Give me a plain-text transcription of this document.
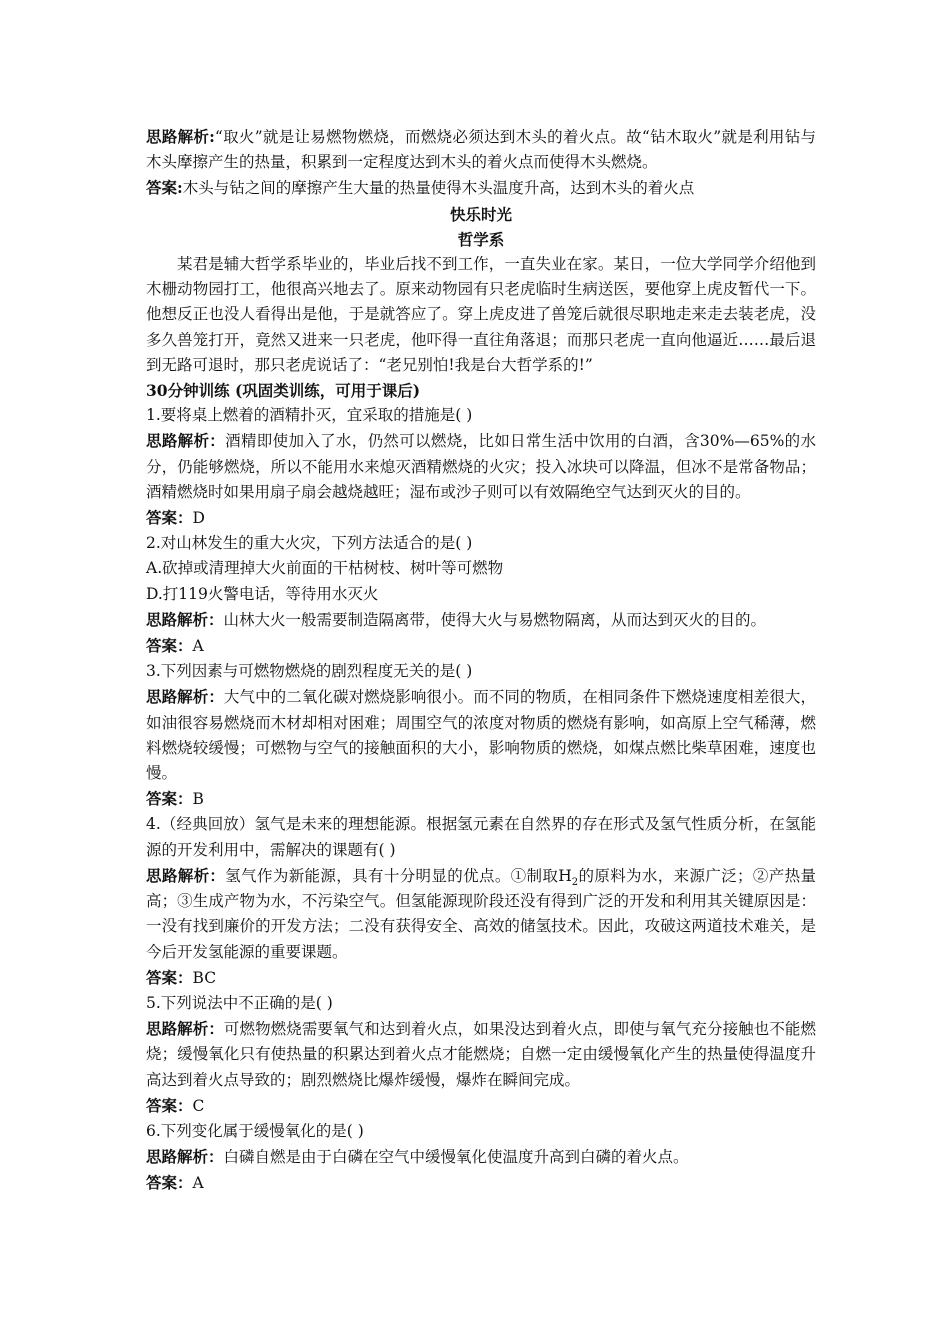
思路解析:“取火”就是让易燃物燃烧，而燃烧必须达到木头的着火点。故“钻木取火”就是利用钻与木头摩擦产生的热量，积累到一定程度达到木头的着火点而使得木头燃烧。
答案:木头与钻之间的摩擦产生大量的热量使得木头温度升高，达到木头的着火点
快乐时光
哲学系
某君是辅大哲学系毕业的，毕业后找不到工作，一直失业在家。某日，一位大学同学介绍他到木栅动物园打工，他很高兴地去了。原来动物园有只老虎临时生病送医，要他穿上虎皮暂代一下。他想反正也没人看得出是他，于是就答应了。穿上虎皮进了兽笼后就很尽职地走来走去装老虎，没多久兽笼打开，竟然又进来一只老虎，他吓得一直往角落退；而那只老虎一直向他逼近……最后退到无路可退时，那只老虎说话了：“老兄别怕!我是台大哲学系的!”
30分钟训练 (巩固类训练，可用于课后)
1.要将桌上燃着的酒精扑灭，宜采取的措施是( )
思路解析：酒精即使加入了水，仍然可以燃烧，比如日常生活中饮用的白酒，含30%—65%的水分，仍能够燃烧，所以不能用水来熄灭酒精燃烧的火灾；投入冰块可以降温，但冰不是常备物品；酒精燃烧时如果用扇子扇会越烧越旺；湿布或沙子则可以有效隔绝空气达到灭火的目的。
答案：D
2.对山林发生的重大火灾，下列方法适合的是( )
A.砍掉或清理掉大火前面的干枯树枝、树叶等可燃物
D.打119火警电话，等待用水灭火
思路解析：山林大火一般需要制造隔离带，使得大火与易燃物隔离，从而达到灭火的目的。
答案：A
3.下列因素与可燃物燃烧的剧烈程度无关的是( )
思路解析：大气中的二氧化碳对燃烧影响很小。而不同的物质，在相同条件下燃烧速度相差很大，如油很容易燃烧而木材却相对困难；周围空气的浓度对物质的燃烧有影响，如高原上空气稀薄，燃料燃烧较缓慢；可燃物与空气的接触面积的大小，影响物质的燃烧，如煤点燃比柴草困难，速度也慢。
答案：B
4.（经典回放）氢气是未来的理想能源。根据氢元素在自然界的存在形式及氢气性质分析，在氢能源的开发利用中，需解决的课题有( )
思路解析：氢气作为新能源，具有十分明显的优点。①制取$H_2$的原料为水，来源广泛；②产热量高；③生成产物为水，不污染空气。但氢能源现阶段还没有得到广泛的开发和利用其关键原因是：一没有找到廉价的开发方法；二没有获得安全、高效的储氢技术。因此，攻破这两道技术难关，是今后开发氢能源的重要课题。
答案：BC
5.下列说法中不正确的是( )
思路解析：可燃物燃烧需要氧气和达到着火点，如果没达到着火点，即使与氧气充分接触也不能燃烧；缓慢氧化只有使热量的积累达到着火点才能燃烧；自燃一定由缓慢氧化产生的热量使得温度升高达到着火点导致的；剧烈燃烧比爆炸缓慢，爆炸在瞬间完成。
答案：C
6.下列变化属于缓慢氧化的是( )
思路解析：白磷自燃是由于白磷在空气中缓慢氧化使温度升高到白磷的着火点。
答案：A
